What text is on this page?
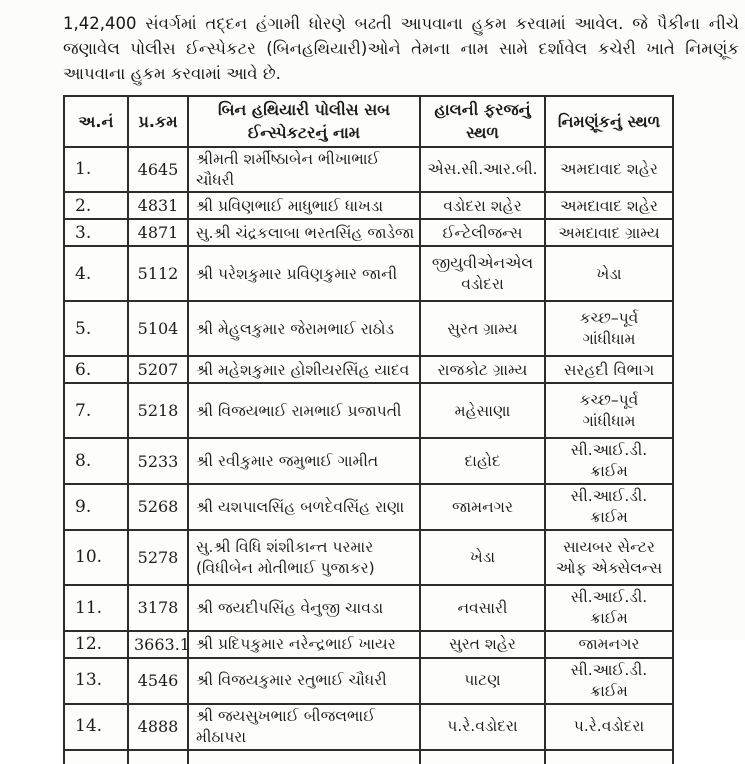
1,42,400 સંવર્ગમાં તદ્દન હંગામી ધોરણે બઢતી આપવાના હુકમ કરવામાં આવેલ. જે પૈકીના નીચે જણાવેલ પોલીસ ઈન્સ્પેકટર (બિનહથિયારી)ઓને તેમના નામ સામે દર્શાવેલ કચેરી ખાતે નિમણૂંક આપવાના હુકમ કરવામાં આવે છે.

અ.નં	પ્ર.કમ	બિન હથિયારી પોલીસ સબ ઈન્સ્પેકટરનું નામ	હાલની ફરજનું સ્થળ	નિમણૂંકનું સ્થળ
1.	4645	શ્રીમતી શર્મીષ્ઠાબેન ભીખાભાઈ ચૌધરી	એસ.સી.આર.બી.	અમદાવાદ શહેર
2.	4831	શ્રી પ્રવિણભાઈ માધુભાઈ ધાખડા	વડોદરા શહેર	અમદાવાદ શહેર
3.	4871	સુ.શ્રી ચંદ્રકલાબા ભરતસિંહ જાડેજા	ઈન્ટેલીજન્સ	અમદાવાદ ગ્રામ્ય
4.	5112	શ્રી પરેશકુમાર પ્રવિણકુમાર જાની	જીયુવીએનએલ વડોદરા	ખેડા
5.	5104	શ્રી મેહુલકુમાર જેરામભાઈ રાઠોડ	સુરત ગ્રામ્ય	કચ્છ–પૂર્વ ગાંધીધામ
6.	5207	શ્રી મહેશકુમાર હોશીયરસિંહ યાદવ	રાજકોટ ગ્રામ્ય	સરહદી વિભાગ
7.	5218	શ્રી વિજયભાઈ રામભાઈ પ્રજાપતી	મહેસાણા	કચ્છ–પૂર્વ ગાંધીધામ
8.	5233	શ્રી રવીકુમાર જમુભાઈ ગામીત	દાહોદ	સી.આઈ.ડી. ક્રાઈમ
9.	5268	શ્રી યશપાલસિંહ બળદેવસિંહ રાણા	જામનગર	સી.આઈ.ડી. ક્રાઈમ
10.	5278	સુ.શ્રી વિધિ શંશીકાન્ત પરમાર (વિધીબેન મોતીભાઈ પુજાકર)	ખેડા	સાયબર સેન્ટર ઓફ એક્સેલન્સ
11.	3178	શ્રી જયદીપસિંહ વેનુજી ચાવડા	નવસારી	સી.આઈ.ડી. ક્રાઈમ
12.	3663.1	શ્રી પ્રદિપકુમાર નરેન્દ્રભાઈ ખાયર	સુરત શહેર	જામનગર
13.	4546	શ્રી વિજયકુમાર રતુભાઈ ચૌધરી	પાટણ	સી.આઈ.ડી. ક્રાઈમ
14.	4888	શ્રી જયસુખભાઈ બીજલભાઈ મીઠાપરા	પ.રે.વડોદરા	પ.રે.વડોદરા
